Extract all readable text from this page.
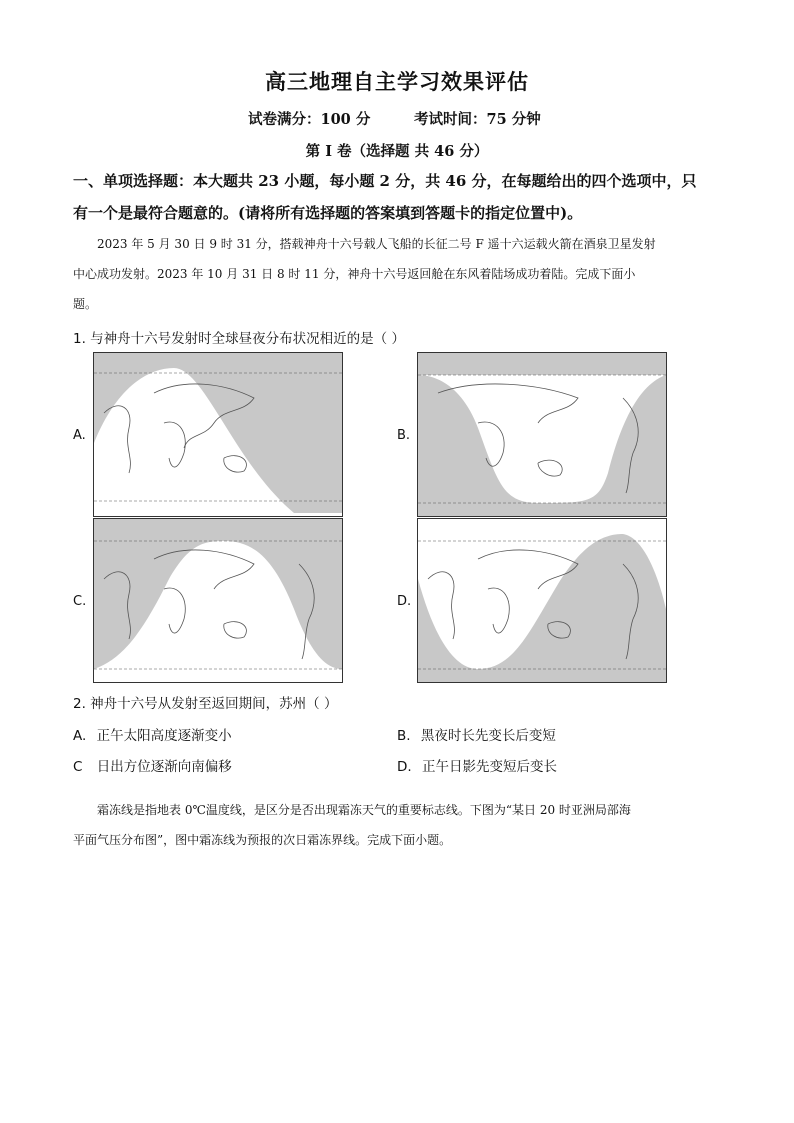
高三地理自主学习效果评估
试卷满分：100 分	考试时间：75 分钟
第 I 卷（选择题 共 46 分）
一、单项选择题：本大题共 23 小题，每小题 2 分，共 46 分，在每题给出的四个选项中，只
有一个是最符合题意的。(请将所有选择题的答案填到答题卡的指定位置中)。
2023 年 5 月 30 日 9 时 31 分，搭载神舟十六号载人飞船的长征二号 F 遥十六运载火箭在酒泉卫星发射
中心成功发射。2023 年 10 月 31 日 8 时 11 分，神舟十六号返回舱在东风着陆场成功着陆。完成下面小
题。
1. 与神舟十六号发射时全球昼夜分布状况相近的是（ ）
A.	B.
C.	D.
2. 神舟十六号从发射至返回期间，苏州（ ）
A. 正午太阳高度逐渐变小	B. 黑夜时长先变长后变短
C 日出方位逐渐向南偏移	D. 正午日影先变短后变长
霜冻线是指地表 0℃温度线，是区分是否出现霜冻天气的重要标志线。下图为“某日 20 时亚洲局部海
平面气压分布图”，图中霜冻线为预报的次日霜冻界线。完成下面小题。
